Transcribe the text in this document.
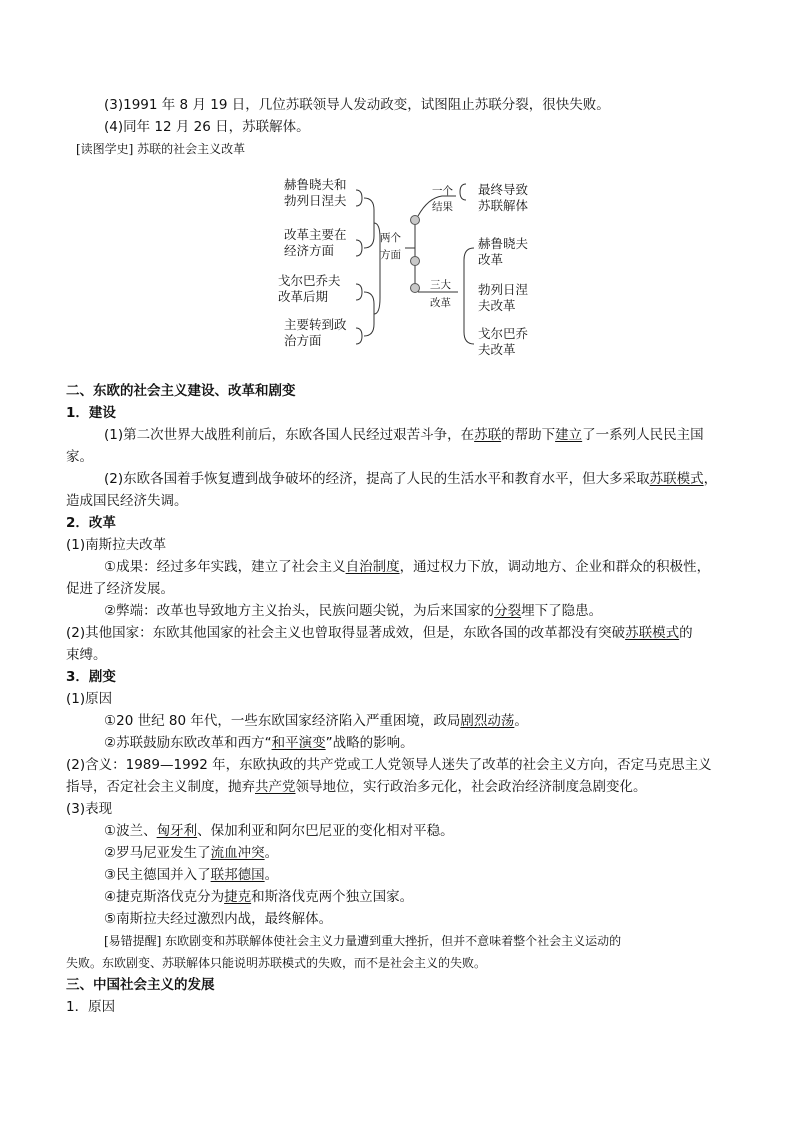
(3)1991 年 8 月 19 日，几位苏联领导人发动政变，试图阻止苏联分裂，很快失败。
(4)同年 12 月 26 日，苏联解体。
[读图学史] 苏联的社会主义改革
赫鲁晓夫和
勃列日涅夫
改革主要在
经济方面
戈尔巴乔夫
改革后期
主要转到政
治方面
两个
方面
一个
结果
最终导致
苏联解体
三大
改革
赫鲁晓夫
改革
勃列日涅
夫改革
戈尔巴乔
夫改革
二、东欧的社会主义建设、改革和剧变
1．建设
(1)第二次世界大战胜利前后，东欧各国人民经过艰苦斗争，在苏联的帮助下建立了一系列人民民主国
家。
(2)东欧各国着手恢复遭到战争破坏的经济，提高了人民的生活水平和教育水平，但大多采取苏联模式，
造成国民经济失调。
2．改革
(1)南斯拉夫改革
①成果：经过多年实践，建立了社会主义自治制度，通过权力下放，调动地方、企业和群众的积极性，
促进了经济发展。
②弊端：改革也导致地方主义抬头，民族问题尖锐，为后来国家的分裂埋下了隐患。
(2)其他国家：东欧其他国家的社会主义也曾取得显著成效，但是，东欧各国的改革都没有突破苏联模式的
束缚。
3．剧变
(1)原因
①20 世纪 80 年代，一些东欧国家经济陷入严重困境，政局剧烈动荡。
②苏联鼓励东欧改革和西方“和平演变”战略的影响。
(2)含义：1989—1992 年，东欧执政的共产党或工人党领导人迷失了改革的社会主义方向，否定马克思主义
指导，否定社会主义制度，抛弃共产党领导地位，实行政治多元化，社会政治经济制度急剧变化。
(3)表现
①波兰、匈牙利、保加利亚和阿尔巴尼亚的变化相对平稳。
②罗马尼亚发生了流血冲突。
③民主德国并入了联邦德国。
④捷克斯洛伐克分为捷克和斯洛伐克两个独立国家。
⑤南斯拉夫经过激烈内战，最终解体。
[易错提醒] 东欧剧变和苏联解体使社会主义力量遭到重大挫折，但并不意味着整个社会主义运动的
失败。东欧剧变、苏联解体只能说明苏联模式的失败，而不是社会主义的失败。
三、中国社会主义的发展
1．原因
